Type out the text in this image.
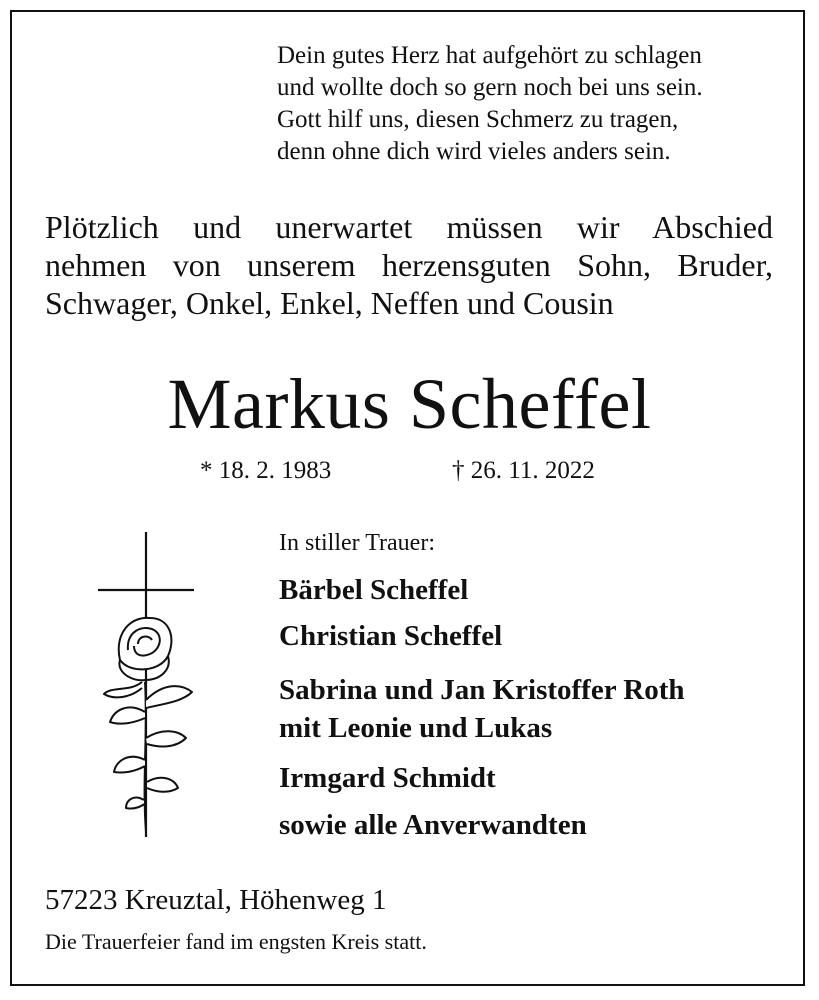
Dein gutes Herz hat aufgehört zu schlagen
und wollte doch so gern noch bei uns sein.
Gott hilf uns, diesen Schmerz zu tragen,
denn ohne dich wird vieles anders sein.
Plötzlich und unerwartet müssen wir Abschied
nehmen von unserem herzensguten Sohn, Bruder,
Schwager, Onkel, Enkel, Neffen und Cousin
Markus Scheffel
* 18. 2. 1983	† 26. 11. 2022
In stiller Trauer:
Bärbel Scheffel
Christian Scheffel
Sabrina und Jan Kristoffer Roth
mit Leonie und Lukas
Irmgard Schmidt
sowie alle Anverwandten
57223 Kreuztal, Höhenweg 1
Die Trauerfeier fand im engsten Kreis statt.
